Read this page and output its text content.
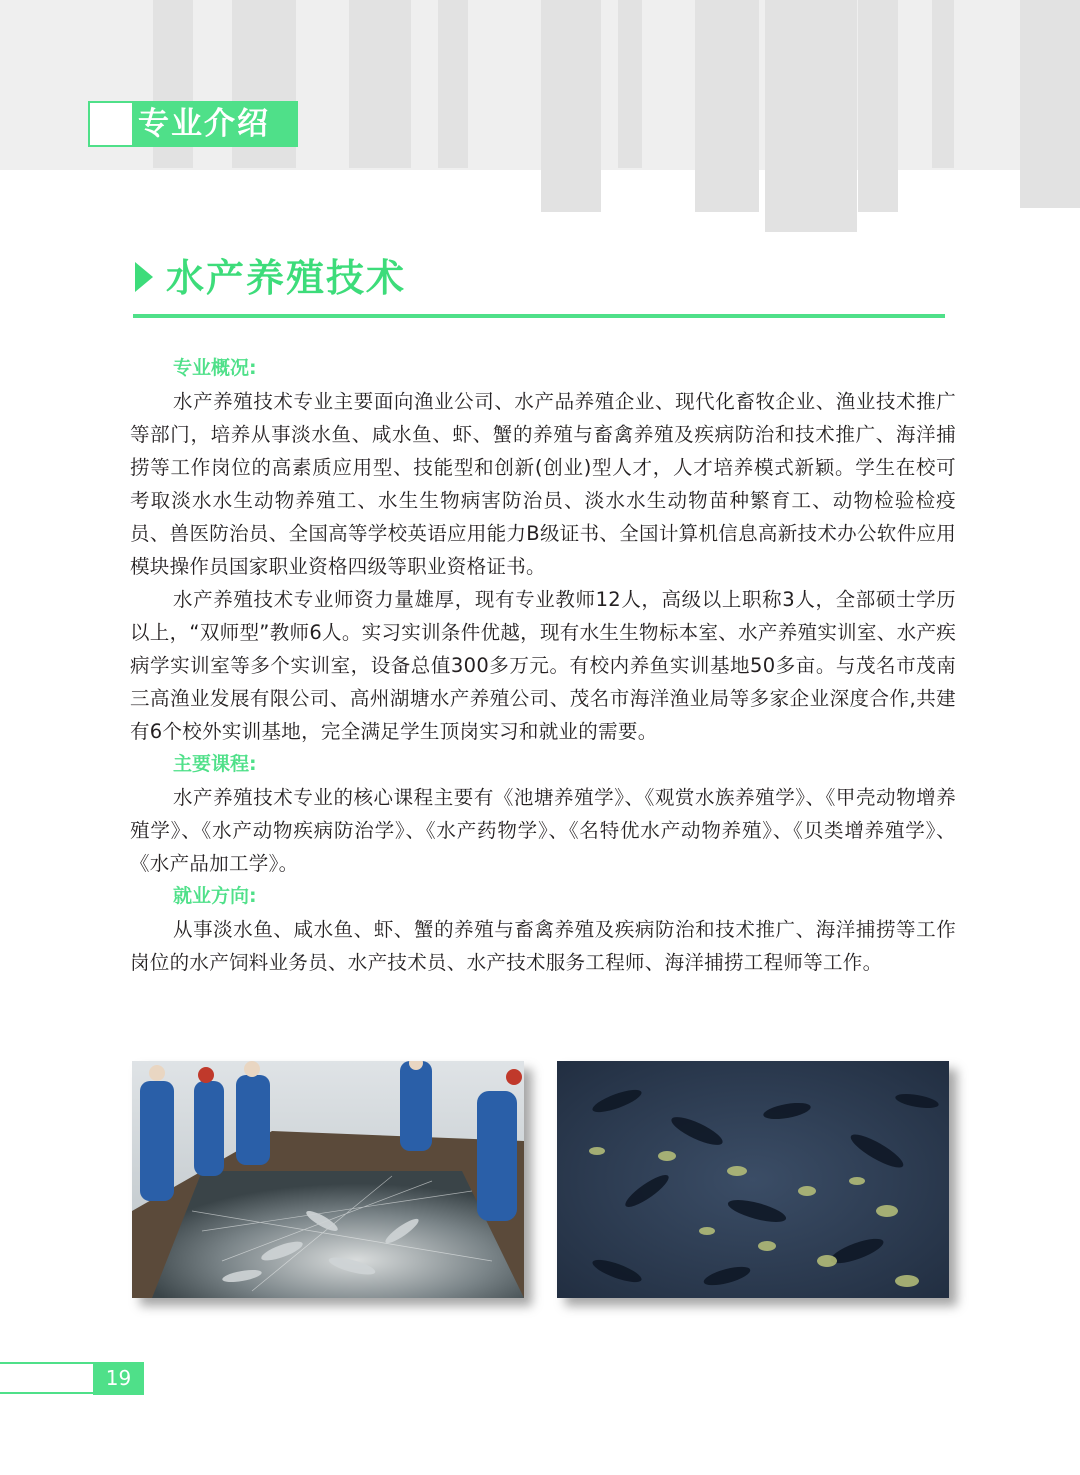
专业介绍
水产养殖技术
专业概况:

水产养殖技术专业主要面向渔业公司、水产品养殖企业、现代化畜牧企业、渔业技术推广等部门，培养从事淡水鱼、咸水鱼、虾、蟹的养殖与畜禽养殖及疾病防治和技术推广、海洋捕捞等工作岗位的高素质应用型、技能型和创新(创业)型人才，人才培养模式新颖。学生在校可考取淡水水生动物养殖工、水生生物病害防治员、淡水水生动物苗种繁育工、动物检验检疫员、兽医防治员、全国高等学校英语应用能力B级证书、全国计算机信息高新技术办公软件应用模块操作员国家职业资格四级等职业资格证书。

水产养殖技术专业师资力量雄厚，现有专业教师12人，高级以上职称3人，全部硕士学历以上，“双师型”教师6人。实习实训条件优越，现有水生生物标本室、水产养殖实训室、水产疾病学实训室等多个实训室，设备总值300多万元。有校内养鱼实训基地50多亩。与茂名市茂南三高渔业发展有限公司、高州湖塘水产养殖公司、茂名市海洋渔业局等多家企业深度合作,共建有6个校外实训基地，完全满足学生顶岗实习和就业的需要。

主要课程:

水产养殖技术专业的核心课程主要有《池塘养殖学》、《观赏水族养殖学》、《甲壳动物增养殖学》、《水产动物疾病防治学》、《水产药物学》、《名特优水产动物养殖》、《贝类增养殖学》、《水产品加工学》。

就业方向:

从事淡水鱼、咸水鱼、虾、蟹的养殖与畜禽养殖及疾病防治和技术推广、海洋捕捞等工作岗位的水产饲料业务员、水产技术员、水产技术服务工程师、海洋捕捞工程师等工作。

19
